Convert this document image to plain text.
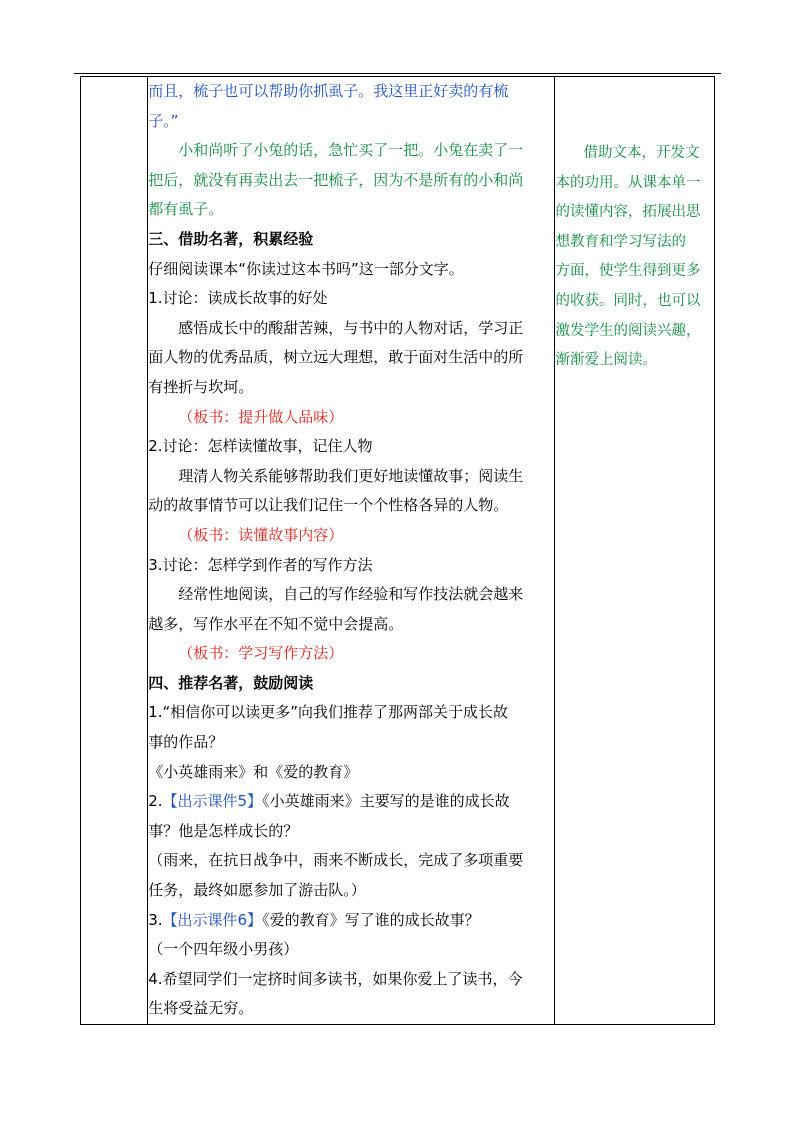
而且，梳子也可以帮助你抓虱子。我这里正好卖的有梳
子。”
小和尚听了小兔的话，急忙买了一把。小兔在卖了一
把后，就没有再卖出去一把梳子，因为不是所有的小和尚
都有虱子。
三、借助名著，积累经验
仔细阅读课本“你读过这本书吗”这一部分文字。
1.讨论：读成长故事的好处
感悟成长中的酸甜苦辣，与书中的人物对话，学习正
面人物的优秀品质，树立远大理想，敢于面对生活中的所
有挫折与坎坷。
（板书：提升做人品味）
2.讨论：怎样读懂故事，记住人物
理清人物关系能够帮助我们更好地读懂故事；阅读生
动的故事情节可以让我们记住一个个性格各异的人物。
（板书：读懂故事内容）
3.讨论：怎样学到作者的写作方法
经常性地阅读，自己的写作经验和写作技法就会越来
越多，写作水平在不知不觉中会提高。
（板书：学习写作方法）
四、推荐名著，鼓励阅读
1.“相信你可以读更多”向我们推荐了那两部关于成长故
事的作品？
《小英雄雨来》和《爱的教育》
2.【出示课件5】《小英雄雨来》主要写的是谁的成长故
事？他是怎样成长的？
（雨来，在抗日战争中，雨来不断成长，完成了多项重要
任务，最终如愿参加了游击队。）
3.【出示课件6】《爱的教育》写了谁的成长故事？
（一个四年级小男孩）
4.希望同学们一定挤时间多读书，如果你爱上了读书，今
生将受益无穷。

借助文本，开发文
本的功用。从课本单一
的读懂内容，拓展出思
想教育和学习写法的
方面，使学生得到更多
的收获。同时，也可以
激发学生的阅读兴趣，
渐渐爱上阅读。
